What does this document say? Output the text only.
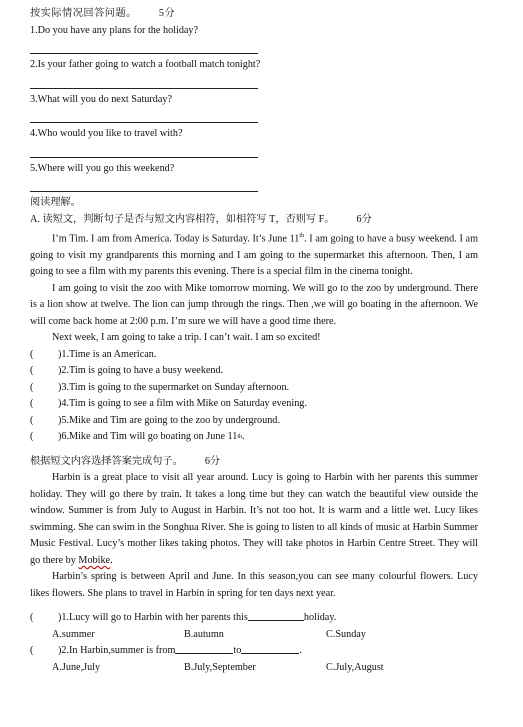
按实际情况回答问题。 5分
1.Do you have any plans for the holiday?
2.Is your father going to watch a football match tonight?
3.What will you do next Saturday?
4.Who would you like to travel with?
5.Where will you go this weekend?
阅读理解。
A. 读短文，判断句子是否与短文内容相符，如相符写 T，否则写 F。 6分

I’m Tim. I am from America. Today is Saturday. It’s June 11th. I am going to have a busy weekend. I am going to visit my grandparents this morning and I am going to the supermarket this afternoon. Then, I am going to see a film with my parents this evening. There is a special film in the cinema tonight.

I am going to visit the zoo with Mike tomorrow morning. We will go to the zoo by underground. There is a lion show at twelve. The lion can jump through the rings. Then ,we will go boating in the afternoon. We will come back home at 2:00 p.m. I’m sure we will have a good time there.

Next week, I am going to take a trip. I can’t wait. I am so excited!

(	) 1.Time is an American.
(	) 2.Tim is going to have a busy weekend.
(	) 3.Tim is going to the supermarket on Sunday afternoon.
(	) 4.Tim is going to see a film with Mike on Saturday evening.
(	) 5.Mike and Tim are going to the zoo by underground.
(	) 6.Mike and Tim will go boating on June 11 th .
根据短文内容选择答案完成句子。 6分

Harbin is a great place to visit all year around. Lucy is going to Harbin with her parents this summer holiday. They will go there by train. It takes a long time but they can watch the beautiful view outside the window. Summer is from July to August in Harbin. It’s not too hot. It is warm and a little wet. Lucy likes swimming. She can swim in the Songhua River. She is going to listen to all kinds of music at Harbin Summer Music Festival. Lucy’s mother likes taking photos. They will take photos in Harbin Centre Street. They will go there by Mobike.

Harbin’s spring is between April and June. In this season,you can see many colourful flowers. Lucy likes flowers. She plans to travel in Harbin in spring for ten days next year.

(	)1.Lucy will go to Harbin with her parents this	holiday.
A.summer	B.autumn	C.Sunday
(	)2.In Harbin,summer is from	to	.
A.June,July	B.July,September	C.July,August
